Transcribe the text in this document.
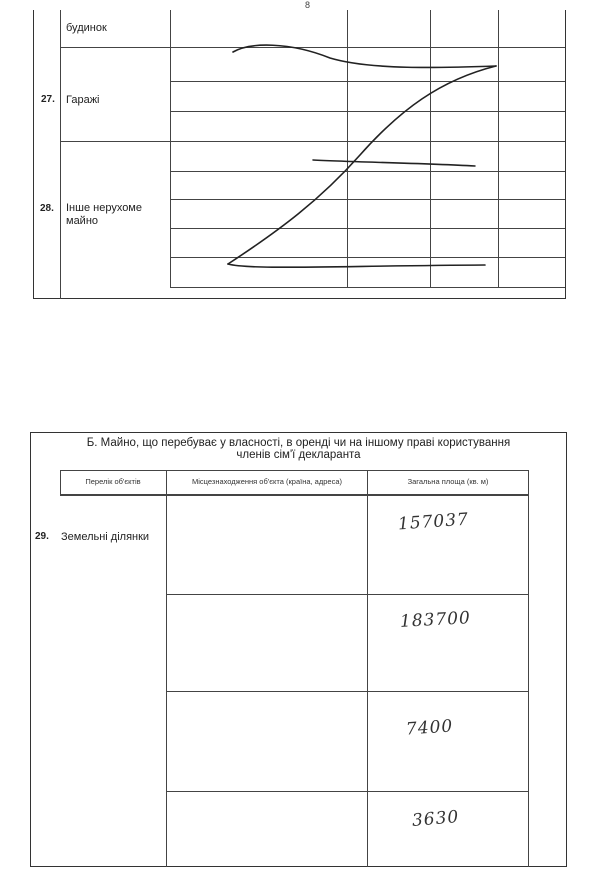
8
будинок
27. Гаражі
28. Інше нерухоме майно
Б. Майно, що перебуває у власності, в оренді чи на іншому праві користування
членів сім'ї декларанта
Перелік об'єктів	Місцезнаходження об'єкта (країна, адреса)	Загальна площа (кв. м)
29. Земельні ділянки
157037
183700
7400
3630
